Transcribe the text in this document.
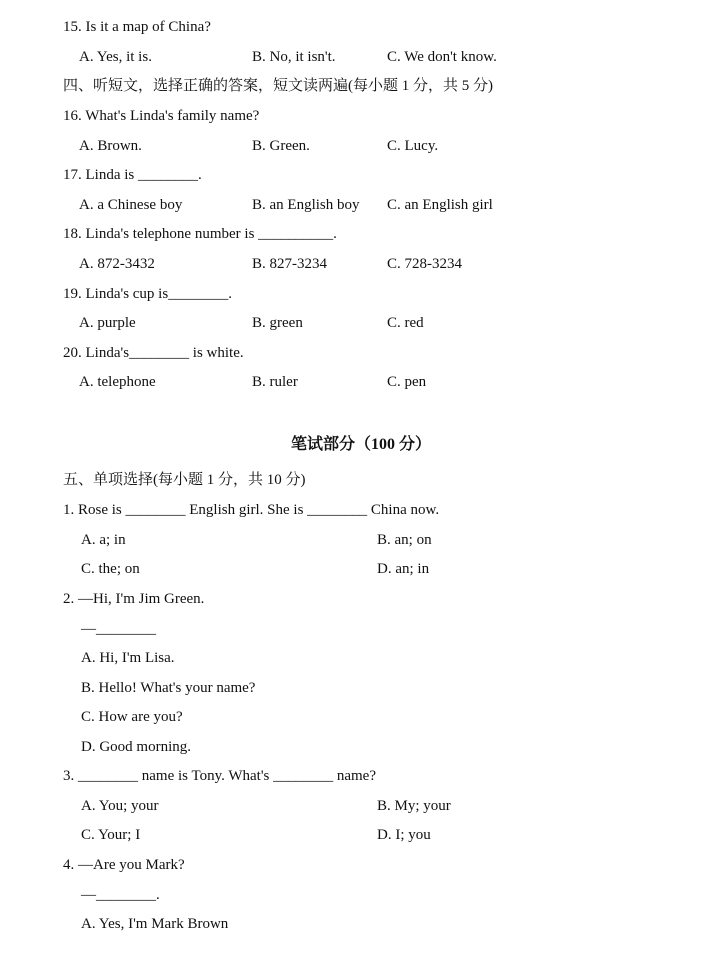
15. Is it a map of China?
A. Yes, it is.	B. No, it isn't.	C. We don't know.
四、听短文，选择正确的答案，短文读两遍(每小题 1 分，共 5 分)
16. What's Linda's family name?
A. Brown.	B. Green.	C. Lucy.
17. Linda is ________.
A. a Chinese boy	B. an English boy C. an English girl
18. Linda's telephone number is __________.
A. 872-3432	B. 827-3234	C. 728-3234
19. Linda's cup is________.
A. purple	B. green	C. red
20. Linda's________ is white.
A. telephone	B. ruler	C. pen
笔试部分（100 分）
五、单项选择(每小题 1 分，共 10 分)
1. Rose is ________ English girl. She is ________ China now.
A. a; in	B. an; on
C. the; on	D. an; in
2. —Hi, I'm Jim Green.
—________
A. Hi, I'm Lisa.
B. Hello! What's your name?
C. How are you?
D. Good morning.
3. ________ name is Tony. What's ________ name?
A. You; your	B. My; your
C. Your; I	D. I; you
4. —Are you Mark?
—________.
A. Yes, I'm Mark Brown
